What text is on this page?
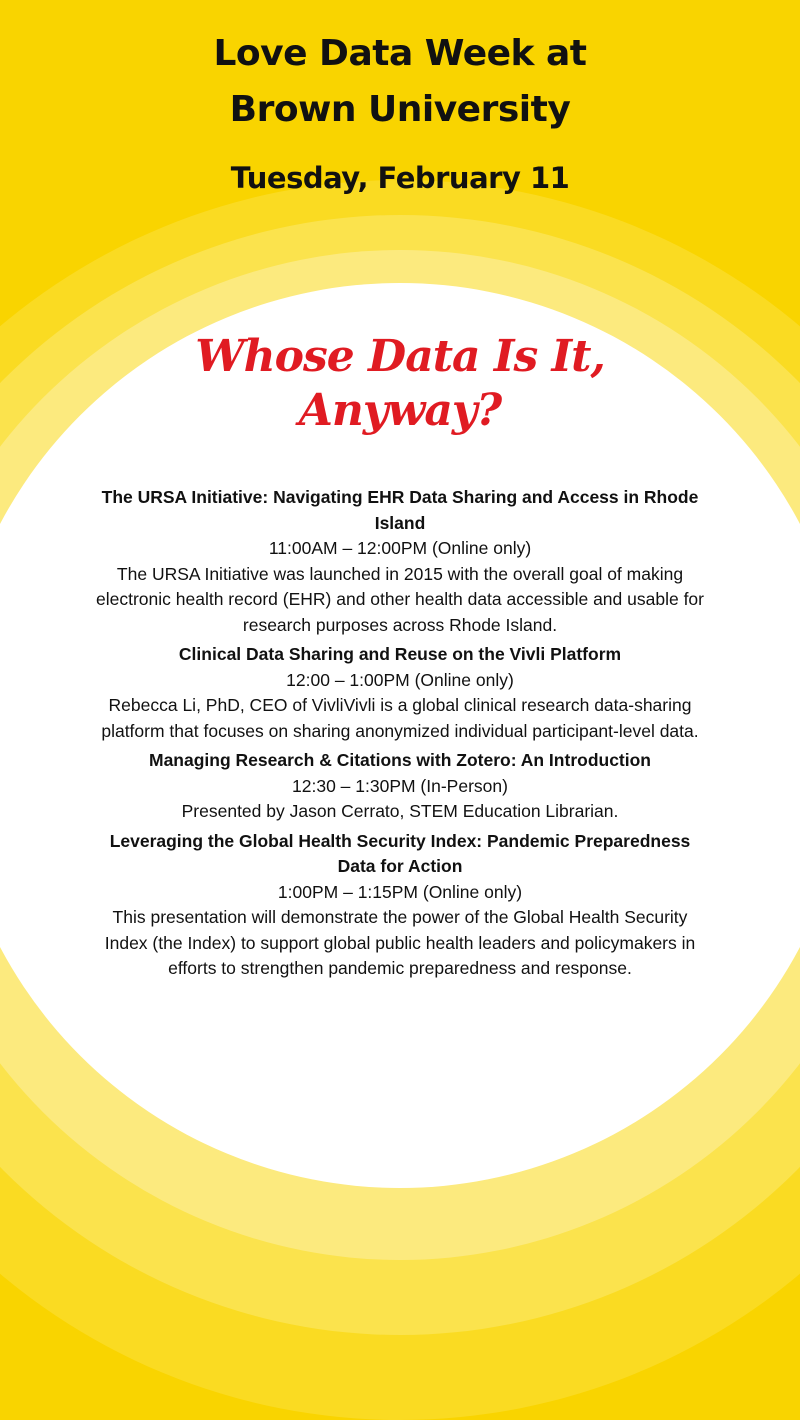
Love Data Week at
Brown University
Tuesday, February 11
Whose Data Is It,
Anyway?

The URSA Initiative: Navigating EHR Data Sharing and Access in Rhode Island

11:00AM – 12:00PM (Online only)

The URSA Initiative was launched in 2015 with the overall goal of making electronic health record (EHR) and other health data accessible and usable for research purposes across Rhode Island.

Clinical Data Sharing and Reuse on the Vivli Platform

12:00 – 1:00PM (Online only)

Rebecca Li, PhD, CEO of VivliVivli is a global clinical research data-sharing platform that focuses on sharing anonymized individual participant-level data.

Managing Research & Citations with Zotero: An Introduction

12:30 – 1:30PM (In-Person)

Presented by Jason Cerrato, STEM Education Librarian.

Leveraging the Global Health Security Index: Pandemic Preparedness Data for Action

1:00PM – 1:15PM (Online only)

This presentation will demonstrate the power of the Global Health Security Index (the Index) to support global public health leaders and policymakers in efforts to strengthen pandemic preparedness and response.
